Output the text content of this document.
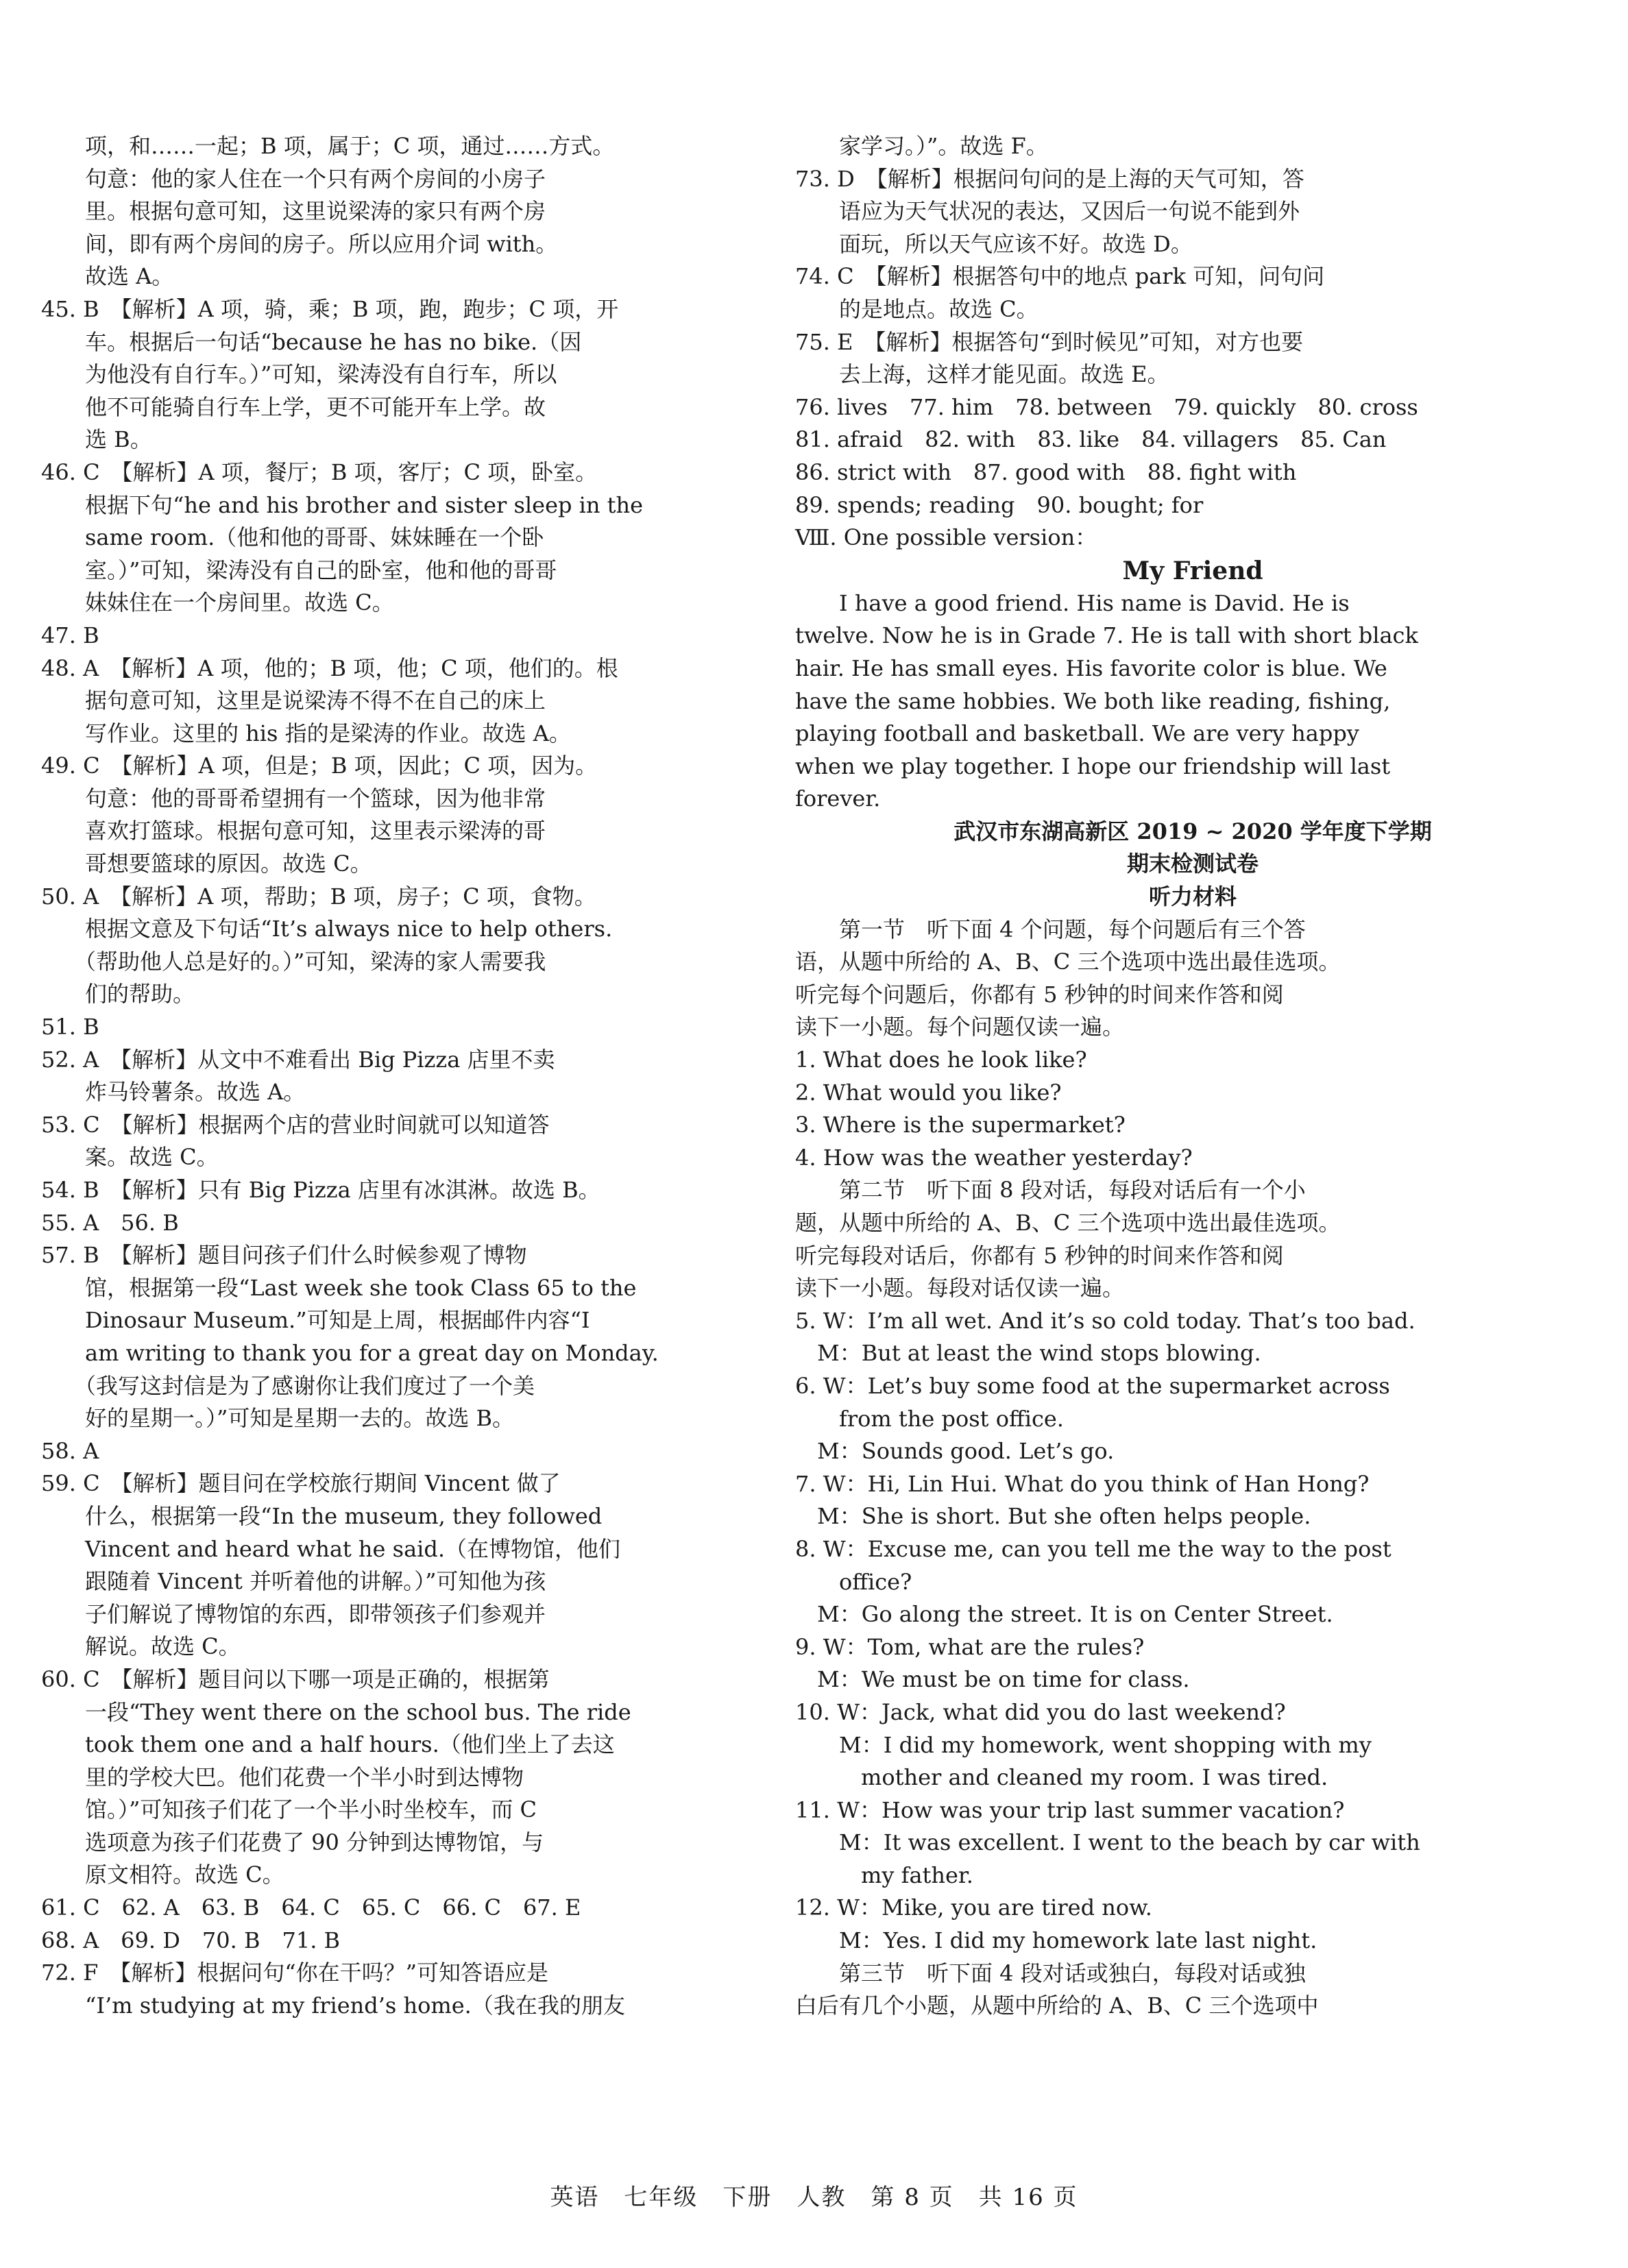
　　项，和……一起；B 项，属于；C 项，通过……方式。

　　句意：他的家人住在一个只有两个房间的小房子

　　里。根据句意可知，这里说梁涛的家只有两个房

　　间，即有两个房间的房子。所以应用介词 with。

　　故选 A。

45. B　【解析】A 项，骑，乘；B 项，跑，跑步；C 项，开

　　车。根据后一句话“because he has no bike.（因

　　为他没有自行车。）”可知，梁涛没有自行车，所以

　　他不可能骑自行车上学，更不可能开车上学。故

　　选 B。

46. C　【解析】A 项，餐厅；B 项，客厅；C 项，卧室。

　　根据下句“he and his brother and sister sleep in the

　　same room.（他和他的哥哥、妹妹睡在一个卧

　　室。）”可知，梁涛没有自己的卧室，他和他的哥哥

　　妹妹住在一个房间里。故选 C。

47. B

48. A　【解析】A 项，他的；B 项，他；C 项，他们的。根

　　据句意可知，这里是说梁涛不得不在自己的床上

　　写作业。这里的 his 指的是梁涛的作业。故选 A。

49. C　【解析】A 项，但是；B 项，因此；C 项，因为。

　　句意：他的哥哥希望拥有一个篮球，因为他非常

　　喜欢打篮球。根据句意可知，这里表示梁涛的哥

　　哥想要篮球的原因。故选 C。

50. A　【解析】A 项，帮助；B 项，房子；C 项，食物。

　　根据文意及下句话“It’s always nice to help others.

　　（帮助他人总是好的。）”可知，梁涛的家人需要我

　　们的帮助。

51. B

52. A　【解析】从文中不难看出 Big Pizza 店里不卖

　　炸马铃薯条。故选 A。

53. C　【解析】根据两个店的营业时间就可以知道答

　　案。故选 C。

54. B　【解析】只有 Big Pizza 店里有冰淇淋。故选 B。

55. A　56. B

57. B　【解析】题目问孩子们什么时候参观了博物

　　馆，根据第一段“Last week she took Class 65 to the

　　Dinosaur Museum.”可知是上周，根据邮件内容“I

　　am writing to thank you for a great day on Monday.

　　（我写这封信是为了感谢你让我们度过了一个美

　　好的星期一。）”可知是星期一去的。故选 B。

58. A

59. C　【解析】题目问在学校旅行期间 Vincent 做了

　　什么，根据第一段“In the museum, they followed

　　Vincent and heard what he said.（在博物馆，他们

　　跟随着 Vincent 并听着他的讲解。）”可知他为孩

　　子们解说了博物馆的东西，即带领孩子们参观并

　　解说。故选 C。

60. C　【解析】题目问以下哪一项是正确的，根据第

　　一段“They went there on the school bus. The ride

　　took them one and a half hours.（他们坐上了去这

　　里的学校大巴。他们花费一个半小时到达博物

　　馆。）”可知孩子们花了一个半小时坐校车，而 C

　　选项意为孩子们花费了 90 分钟到达博物馆，与

　　原文相符。故选 C。

61. C　62. A　63. B　64. C　65. C　66. C　67. E

68. A　69. D　70. B　71. B

72. F　【解析】根据问句“你在干吗？”可知答语应是

　　“I’m studying at my friend’s home.（我在我的朋友

　　家学习。）”。故选 F。

73. D　【解析】根据问句问的是上海的天气可知，答

　　语应为天气状况的表达，又因后一句说不能到外

　　面玩，所以天气应该不好。故选 D。

74. C　【解析】根据答句中的地点 park 可知，问句问

　　的是地点。故选 C。

75. E　【解析】根据答句“到时候见”可知，对方也要

　　去上海，这样才能见面。故选 E。

76. lives　77. him　78. between　79. quickly　80. cross

81. afraid　82. with　83. like　84. villagers　85. Can

86. strict with　87. good with　88. fight with

89. spends; reading　90. bought; for

Ⅷ. One possible version：

My Friend

　　I have a good friend. His name is David. He is

twelve. Now he is in Grade 7. He is tall with short black

hair. He has small eyes. His favorite color is blue. We

have the same hobbies. We both like reading, fishing,

playing football and basketball. We are very happy

when we play together. I hope our friendship will last

forever.

武汉市东湖高新区 2019 ~ 2020 学年度下学期

期末检测试卷

听力材料

　　第一节　听下面 4 个问题，每个问题后有三个答

语，从题中所给的 A、B、C 三个选项中选出最佳选项。

听完每个问题后，你都有 5 秒钟的时间来作答和阅

读下一小题。每个问题仅读一遍。

1. What does he look like?

2. What would you like?

3. Where is the supermarket?

4. How was the weather yesterday?

　　第二节　听下面 8 段对话，每段对话后有一个小

题，从题中所给的 A、B、C 三个选项中选出最佳选项。

听完每段对话后，你都有 5 秒钟的时间来作答和阅

读下一小题。每段对话仅读一遍。

5. W：I’m all wet. And it’s so cold today. That’s too bad.

　M：But at least the wind stops blowing.

6. W：Let’s buy some food at the supermarket across

　　from the post office.

　M：Sounds good. Let’s go.

7. W：Hi, Lin Hui. What do you think of Han Hong?

　M：She is short. But she often helps people.

8. W：Excuse me, can you tell me the way to the post

　　office?

　M：Go along the street. It is on Center Street.

9. W：Tom, what are the rules?

　M：We must be on time for class.

10. W：Jack, what did you do last weekend?

　　M：I did my homework, went shopping with my

　　　mother and cleaned my room. I was tired.

11. W：How was your trip last summer vacation?

　　M：It was excellent. I went to the beach by car with

　　　my father.

12. W：Mike, you are tired now.

　　M：Yes. I did my homework late last night.

　　第三节　听下面 4 段对话或独白，每段对话或独

白后有几个小题，从题中所给的 A、B、C 三个选项中

英语　七年级　下册　人教　第 8 页　共 16 页
